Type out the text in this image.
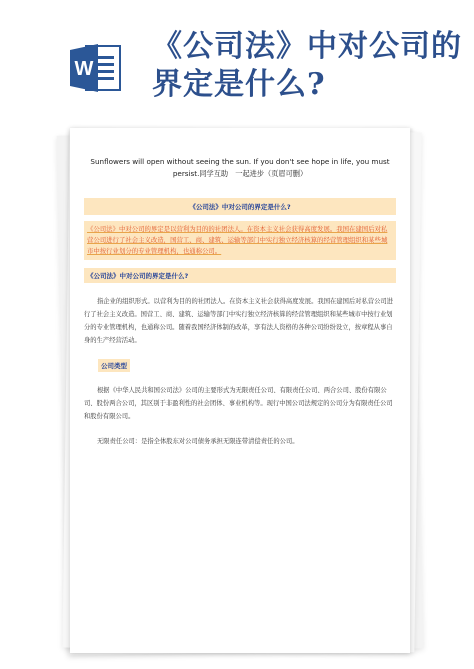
W
《公司法》中对公司的界定是什么?
Sunflowers will open without seeing the sun. If you don't see hope in life, you must persist.同学互助　一起进步（页眉可删）
《公司法》中对公司的界定是什么?
《公司法》中对公司的界定是以营利为目的的社团法人。在资本主义社会获得高度发展。我国在建国后对私营公司进行了社会主义改造，国营工、商、建筑、运输等部门中实行独立经济核算的经营管理组织和某些城市中按行业划分的专业管理机构，也通称公司。
《公司法》中对公司的界定是什么?
指企业的组织形式。以营利为目的的社团法人。在资本主义社会获得高度发展。我国在建国后对私营公司进行了社会主义改造。国营工、商、建筑、运输等部门中实行独立经济核算的经营管理组织和某些城市中按行业划分的专业管理机构，也通称公司。随着我国经济体制的改革，享有法人资格的各种公司纷纷设立，按章程从事自身的生产经营活动。
公司类型
根据《中华人民共和国公司法》公司的主要形式为无限责任公司、有限责任公司、两合公司、股份有限公司、股份两合公司，其区别于非盈利性的社会团体、事业机构等。现行中国公司法规定的公司分为有限责任公司和股份有限公司。
无限责任公司：是指全体股东对公司债务承担无限连带清偿责任的公司。
